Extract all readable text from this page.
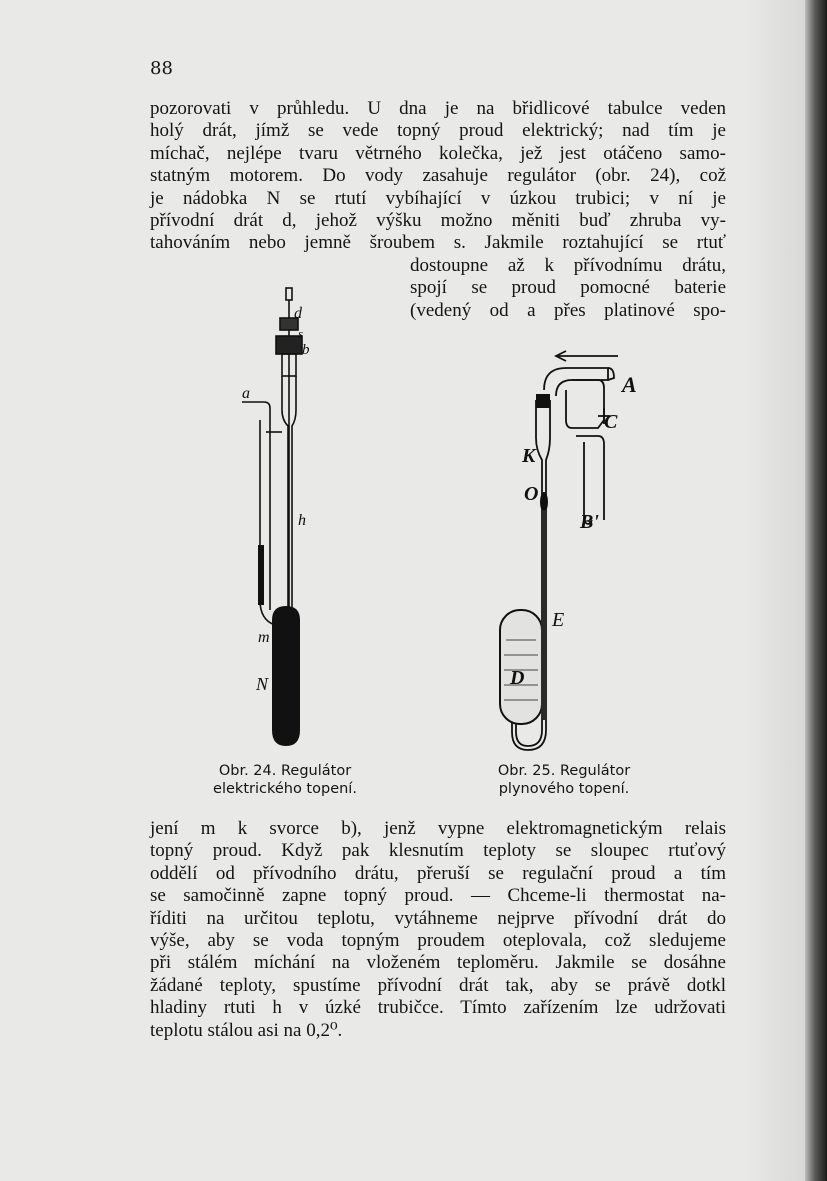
88
pozorovati v průhledu. U dna je na břidlicové tabulce veden
holý drát, jímž se vede topný proud elektrický; nad tím je
míchač, nejlépe tvaru větrného kolečka, jež jest otáčeno samo-
statným motorem. Do vody zasahuje regulátor (obr. 24), což
je nádobka N se rtutí vybíhající v úzkou trubici; v ní je
přívodní drát d, jehož výšku možno měniti buď zhruba vy-
tahováním nebo jemně šroubem s. Jakmile roztahující se rtuť
dostoupne až k přívodnímu drátu,
spojí se proud pomocné baterie
(vedený od a přes platinové spo-
d
s
b
a
h
m
N
A
C
K
O
B'
E
D
Obr. 24. Regulátor
elektrického topení.
Obr. 25. Regulátor
plynového topení.
jení m k svorce b), jenž vypne elektromagnetickým relais
topný proud. Když pak klesnutím teploty se sloupec rtuťový
oddělí od přívodního drátu, přeruší se regulační proud a tím
se samočinně zapne topný proud. — Chceme-li thermostat na-
říditi na určitou teplotu, vytáhneme nejprve přívodní drát do
výše, aby se voda topným proudem oteplovala, což sledujeme
při stálém míchání na vloženém teploměru. Jakmile se dosáhne
žádané teploty, spustíme přívodní drát tak, aby se právě dotkl
hladiny rtuti h v úzké trubičce. Tímto zařízením lze udržovati
teplotu stálou asi na 0,2⁰.
